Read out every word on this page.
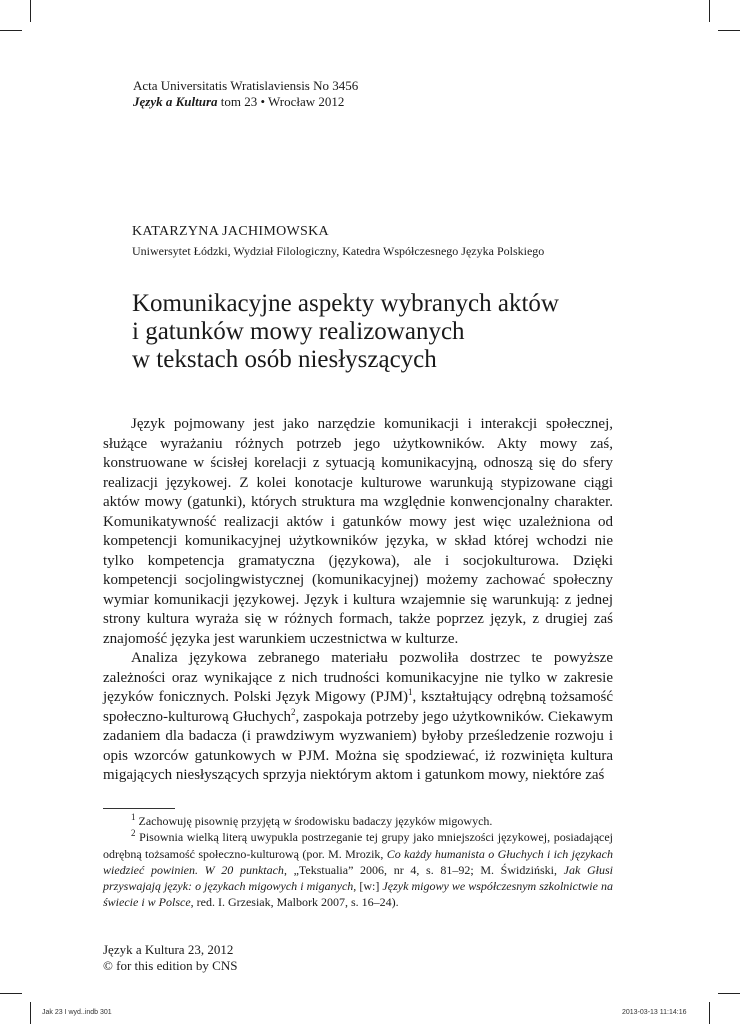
Acta Universitatis Wratislaviensis No 3456
Język a Kultura tom 23 • Wrocław 2012
KATARZYNA JACHIMOWSKA
Uniwersytet Łódzki, Wydział Filologiczny, Katedra Współczesnego Języka Polskiego
Komunikacyjne aspekty wybranych aktów
i gatunków mowy realizowanych
w tekstach osób niesłyszących

Język pojmowany jest jako narzędzie komunikacji i interakcji społecznej, służące wyrażaniu różnych potrzeb jego użytkowników. Akty mowy zaś, konstruowane w ścisłej korelacji z sytuacją komunikacyjną, odnoszą się do sfery realizacji językowej. Z kolei konotacje kulturowe warunkują stypizowane ciągi aktów mowy (gatunki), których struktura ma względnie konwencjonalny charakter. Komunikatywność realizacji aktów i gatunków mowy jest więc uzależniona od kompetencji komunikacyjnej użytkowników języka, w skład której wchodzi nie tylko kompetencja gramatyczna (językowa), ale i socjokulturowa. Dzięki kompetencji socjolingwistycznej (komunikacyjnej) możemy zachować społeczny wymiar komunikacji językowej. Język i kultura wzajemnie się warunkują: z jednej strony kultura wyraża się w różnych formach, także poprzez język, z drugiej zaś znajomość języka jest warunkiem uczestnictwa w kulturze.

Analiza językowa zebranego materiału pozwoliła dostrzec te powyższe zależności oraz wynikające z nich trudności komunikacyjne nie tylko w zakresie języków fonicznych. Polski Język Migowy (PJM)$^1$, kształtujący odrębną tożsamość społeczno-kulturową Głuchych$^2$, zaspokaja potrzeby jego użytkowników. Ciekawym zadaniem dla badacza (i prawdziwym wyzwaniem) byłoby prześledzenie rozwoju i opis wzorców gatunkowych w PJM. Można się spodziewać, iż rozwinięta kultura migających niesłyszących sprzyja niektórym aktom i gatunkom mowy, niektóre zaś

$^1$ Zachowuję pisownię przyjętą w środowisku badaczy języków migowych.

$^2$ Pisownia wielką literą uwypukla postrzeganie tej grupy jako mniejszości językowej, posiadającej odrębną tożsamość społeczno-kulturową (por. M. Mrozik, Co każdy humanista o Głuchych i ich językach wiedzieć powinien. W 20 punktach, „Tekstualia” 2006, nr 4, s. 81–92; M. Świdziński, Jak Głusi przyswajają język: o językach migowych i miganych, [w:] Język migowy we współczesnym szkolnictwie na świecie i w Polsce, red. I. Grzesiak, Malbork 2007, s. 16–24).

Język a Kultura 23, 2012
© for this edition by CNS
Jak 23 I wyd..indb 301	2013-03-13 11:14:16
